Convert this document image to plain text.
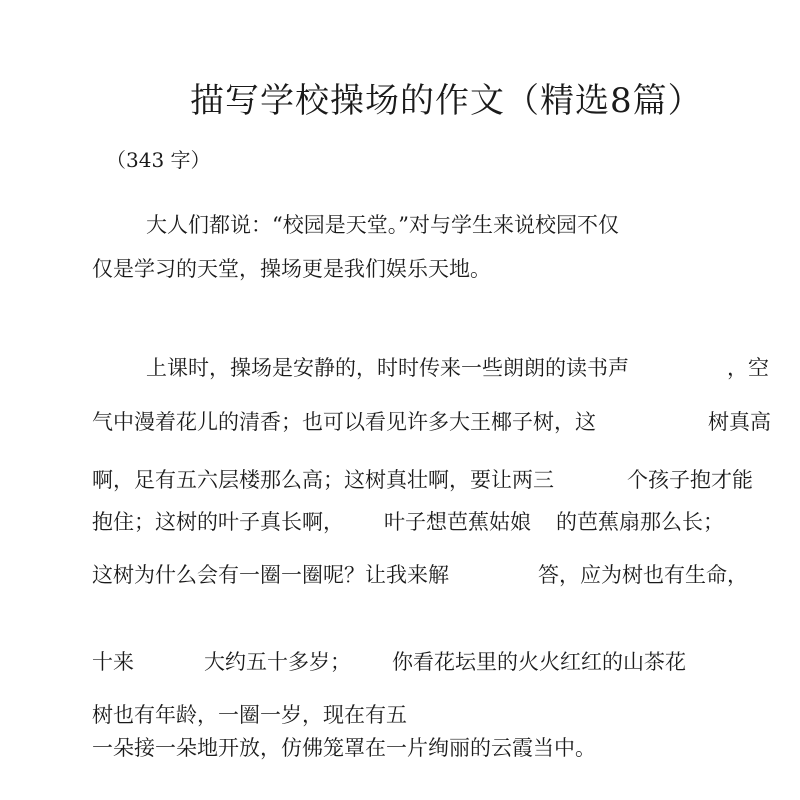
描写学校操场的作文（精选8篇）
（343 字）
大人们都说：“校园是天堂。”对与学生来说校园不仅
仅是学习的天堂，操场更是我们娱乐天地。
上课时，操场是安静的，时时传来一些朗朗的读书声	，空
气中漫着花儿的清香；也可以看见许多大王椰子树，这	树真高
啊，足有五六层楼那么高；这树真壮啊，要让两三	个孩子抱才能
抱住；这树的叶子真长啊， 叶子想芭蕉姑娘 的芭蕉扇那么长；
这树为什么会有一圈一圈呢？让我来解	答，应为树也有生命，
十来	大约五十多岁； 你看花坛里的火火红红的山茶花
树也有年龄，一圈一岁，现在有五
一朵接一朵地开放，仿佛笼罩在一片绚丽的云霞当中。
